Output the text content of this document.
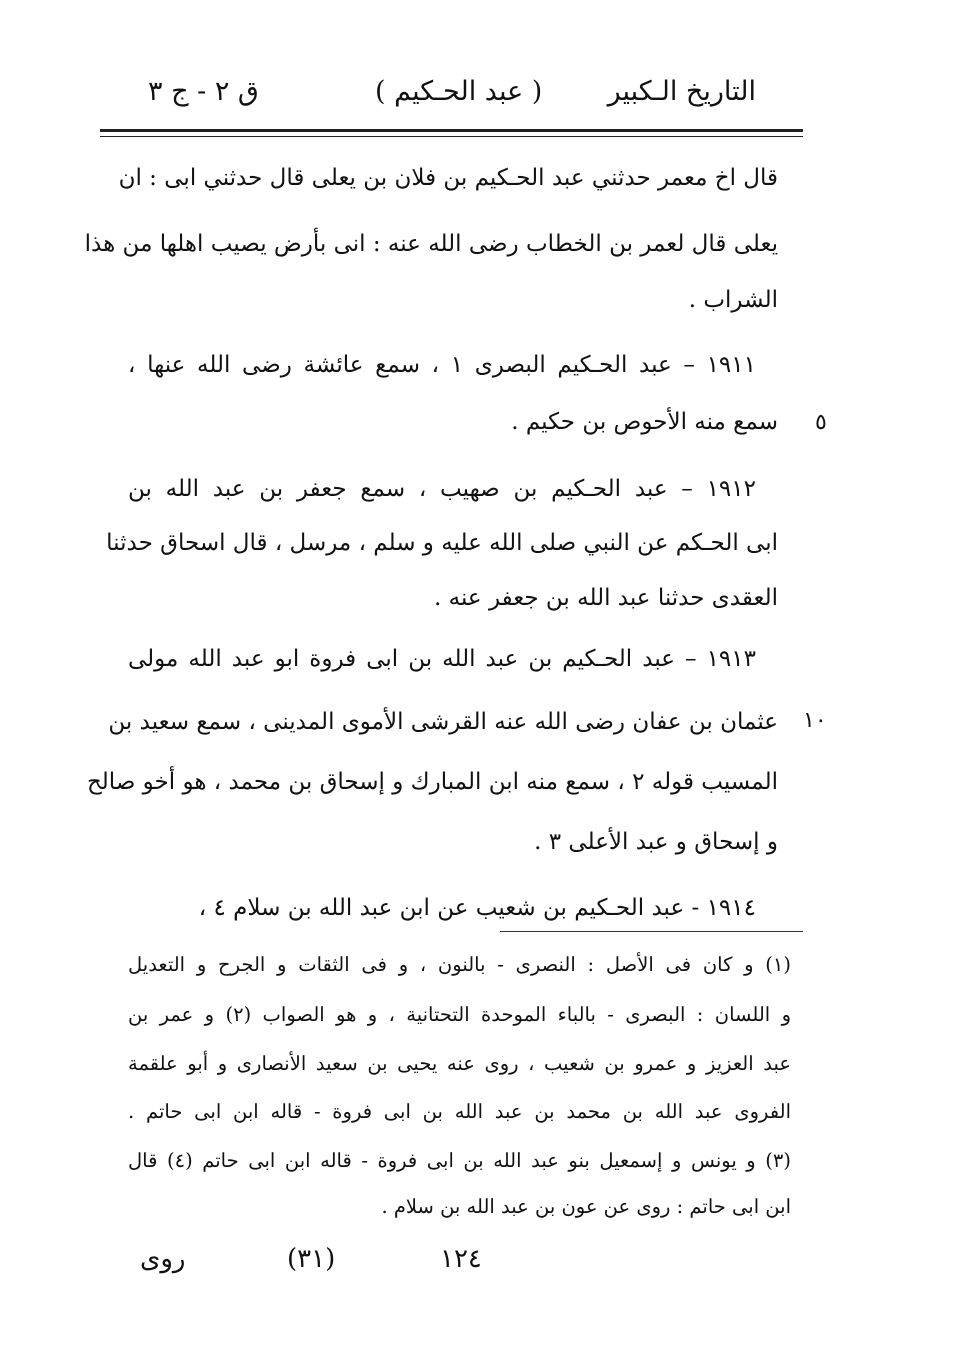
التاريخ الـكبير
( عبد الحـكيم )
ق ٢ - ج ٣
قال اخ معمر حدثني عبد الحـكيم بن فلان بن يعلى قال حدثني ابى : ان
يعلى قال لعمر بن الخطاب رضى الله عنه : انى بأرض يصيب اهلها من هذا
الشراب .
١٩١١ – عبد الحـكيم البصرى ١ ، سمع عائشة رضى الله عنها ،
سمع منه الأحوص بن حكيم . ٥
١٩١٢ – عبد الحـكيم بن صهيب ، سمع جعفر بن عبد الله بن
ابى الحـكم عن النبي صلى الله عليه و سلم ، مرسل ، قال اسحاق حدثنا
العقدى حدثنا عبد الله بن جعفر عنه .
١٩١٣ – عبد الحـكيم بن عبد الله بن ابى فروة ابو عبد الله مولى
عثمان بن عفان رضى الله عنه القرشى الأموى المدينى ، سمع سعيد بن ١٠
المسيب قوله ٢ ، سمع منه ابن المبارك و إسحاق بن محمد ، هو أخو صالح
و إسحاق و عبد الأعلى ٣ .
١٩١٤ - عبد الحـكيم بن شعيب عن ابن عبد الله بن سلام ٤ ،
(١) و كان فى الأصل : النصرى - بالنون ، و فى الثقات و الجرح و التعديل
و اللسان : البصرى - بالباء الموحدة التحتانية ، و هو الصواب (٢) و عمر بن
عبد العزيز و عمرو بن شعيب ، روى عنه يحيى بن سعيد الأنصارى و أبو علقمة
الفروى عبد الله بن محمد بن عبد الله بن ابى فروة - قاله ابن ابى حاتم .
(٣) و يونس و إسمعيل بنو عبد الله بن ابى فروة - قاله ابن ابى حاتم (٤) قال
ابن ابى حاتم : روى عن عون بن عبد الله بن سلام .
روى	(٣١)	١٢٤
